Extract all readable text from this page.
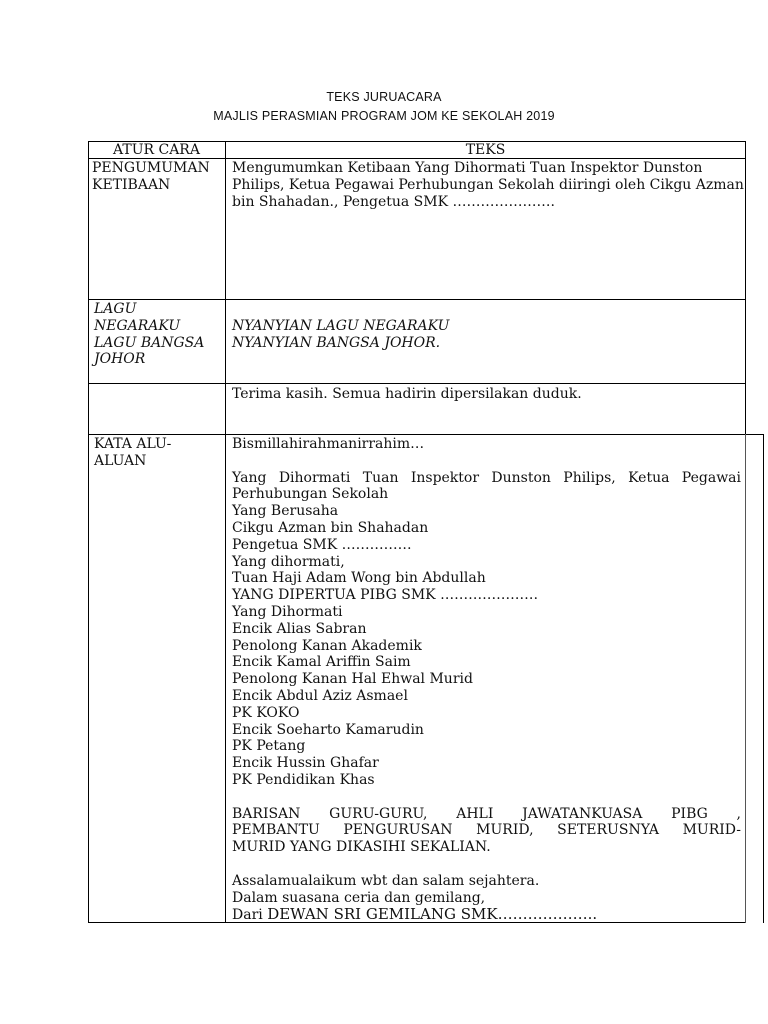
TEKS JURUACARA
MAJLIS PERASMIAN PROGRAM JOM KE SEKOLAH 2019
ATUR CARA	TEKS
PENGUMUMAN
KETIBAAN
Mengumumkan Ketibaan Yang Dihormati Tuan Inspektor Dunston Philips, Ketua Pegawai Perhubungan Sekolah diiringi oleh Cikgu Azman bin Shahadan., Pengetua SMK ………………….
LAGU
NEGARAKU
LAGU BANGSA
JOHOR
NYANYIAN LAGU NEGARAKU
NYANYIAN BANGSA JOHOR.
Terima kasih. Semua hadirin dipersilakan duduk.
KATA ALU-
ALUAN
Bismillahirahmanirrahim…
Yang Dihormati Tuan Inspektor Dunston Philips, Ketua Pegawai
Perhubungan Sekolah
Yang Berusaha
Cikgu Azman bin Shahadan
Pengetua SMK ……………
Yang dihormati,
Tuan Haji Adam Wong bin Abdullah
YANG DIPERTUA PIBG SMK …………………
Yang Dihormati
Encik Alias Sabran
Penolong Kanan Akademik
Encik Kamal Ariffin Saim
Penolong Kanan Hal Ehwal Murid
Encik Abdul Aziz Asmael
PK KOKO
Encik Soeharto Kamarudin
PK Petang
Encik Hussin Ghafar
PK Pendidikan Khas
BARISAN GURU-GURU, AHLI JAWATANKUASA PIBG ,
PEMBANTU PENGURUSAN MURID, SETERUSNYA MURID-
MURID YANG DIKASIHI SEKALIAN.
Assalamualaikum wbt dan salam sejahtera.
Dalam suasana ceria dan gemilang,
Dari DEWAN SRI GEMILANG SMK………………..
